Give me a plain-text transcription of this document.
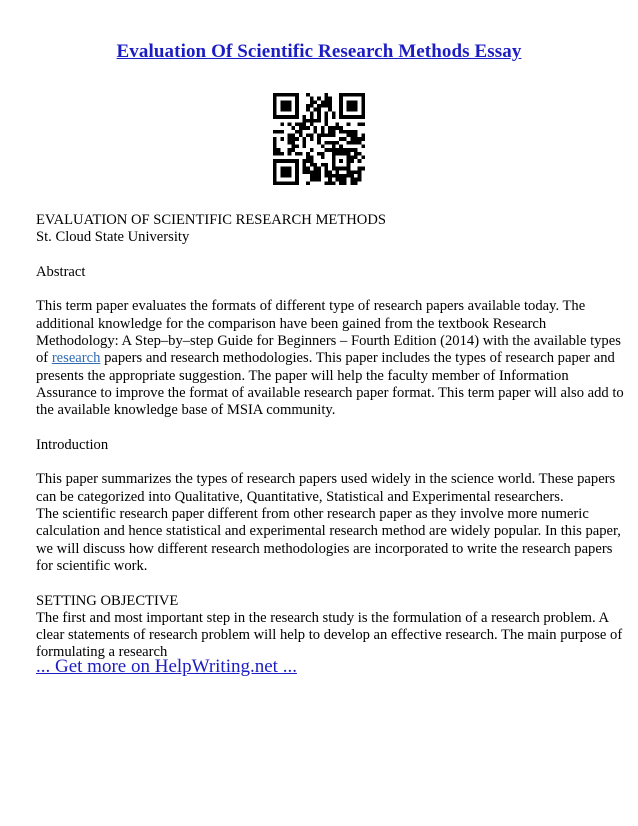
Evaluation Of Scientific Research Methods Essay

EVALUATION OF SCIENTIFIC RESEARCH METHODS
St. Cloud State University

Abstract

This term paper evaluates the formats of different type of research papers available today. The
additional knowledge for the comparison have been gained from the textbook Research
Methodology: A Step–by–step Guide for Beginners – Fourth Edition (2014) with the available types
of research papers and research methodologies. This paper includes the types of research paper and
presents the appropriate suggestion. The paper will help the faculty member of Information
Assurance to improve the format of available research paper format. This term paper will also add to
the available knowledge base of MSIA community.

Introduction

This paper summarizes the types of research papers used widely in the science world. These papers
can be categorized into Qualitative, Quantitative, Statistical and Experimental researchers.
The scientific research paper different from other research paper as they involve more numeric
calculation and hence statistical and experimental research method are widely popular. In this paper,
we will discuss how different research methodologies are incorporated to write the research papers
for scientific work.

SETTING OBJECTIVE
The first and most important step in the research study is the formulation of a research problem. A
clear statements of research problem will help to develop an effective research. The main purpose of
formulating a research

... Get more on HelpWriting.net ...
